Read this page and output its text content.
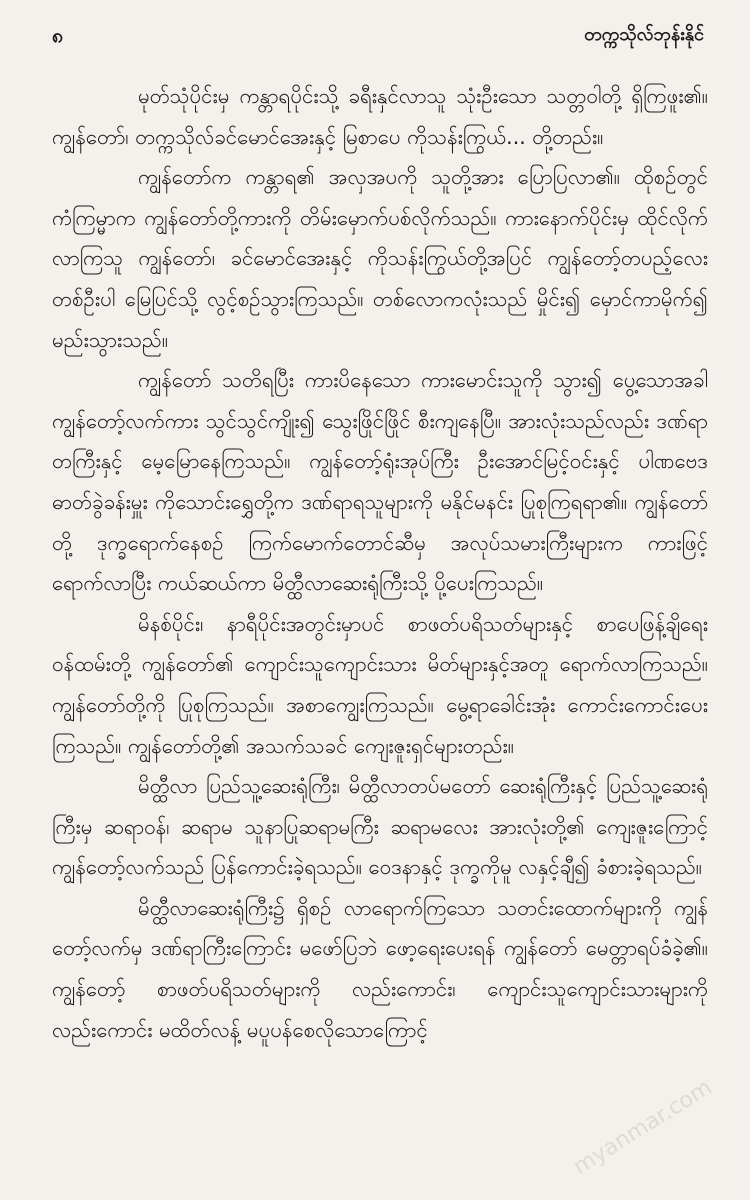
၈	တက္ကသိုလ်ဘုန်းနိုင်

မုတ်သုံပိုင်းမှ ကန္တာရပိုင်းသို့ ခရီးနှင်လာသူ သုံးဦးသော သတ္တဝါတို့ ရှိကြဖူး၏။ ကျွန်တော်၊ တက္ကသိုလ်ခင်မောင်အေးနှင့် မြစာပေ ကိုသန်းကြွယ်... တို့တည်း။

ကျွန်တော်က ကန္တာရ၏ အလှအပကို သူတို့အား ပြောပြလာ၏။ ထိုစဉ်တွင် ကံကြမ္မာက ကျွန်တော်တို့ကားကို တိမ်းမှောက်ပစ်လိုက်သည်။ ကားနောက်ပိုင်းမှ ထိုင်လိုက်လာကြသူ ကျွန်တော်၊ ခင်မောင်အေးနှင့် ကိုသန်းကြွယ်တို့အပြင် ကျွန်တော့်တပည့်လေး တစ်ဦးပါ မြေပြင်သို့ လွင့်စဉ်သွားကြသည်။ တစ်လောကလုံးသည် မှိုင်း၍ မှောင်ကာမိုက်၍ မည်းသွားသည်။

ကျွန်တော် သတိရပြီး ကားပိနေသော ကားမောင်းသူကို သွား၍ ပွေ့သောအခါ ကျွန်တော့်လက်ကား သွင်သွင်ကျိုး၍ သွေးဖြိုင်ဖြိုင် စီးကျနေပြီ။ အားလုံးသည်လည်း ဒဏ်ရာတကြီးနှင့် မေ့မြောနေကြသည်။ ကျွန်တော့်ရုံးအုပ်ကြီး ဦးအောင်မြင့်ဝင်းနှင့် ပါဏဗေဒ ဓာတ်ခွဲခန်းမှူး ကိုသောင်းရွှေတို့က ဒဏ်ရာရသူများကို မနိုင်မနင်း ပြုစုကြရရာ၏။ ကျွန်တော်တို့ ဒုက္ခရောက်နေစဉ် ကြက်မောက်တောင်ဆီမှ အလုပ်သမားကြီးများက ကားဖြင့် ရောက်လာပြီး ကယ်ဆယ်ကာ မိတ္ထီလာဆေးရုံကြီးသို့ ပို့ပေးကြသည်။

မိနစ်ပိုင်း၊ နာရီပိုင်းအတွင်းမှာပင် စာဖတ်ပရိသတ်များနှင့် စာပေဖြန့်ချိရေး ဝန်ထမ်းတို့ ကျွန်တော်၏ ကျောင်းသူကျောင်းသား မိတ်များနှင့်အတူ ရောက်လာကြသည်။ ကျွန်တော်တို့ကို ပြုစုကြသည်။ အစာကျွေးကြသည်။ မွေ့ရာခေါင်းအုံး ကောင်းကောင်းပေးကြသည်။ ကျွန်တော်တို့၏ အသက်သခင် ကျေးဇူးရှင်များတည်း။

မိတ္ထီလာ ပြည်သူ့ဆေးရုံကြီး၊ မိတ္ထီလာတပ်မတော် ဆေးရုံကြီးနှင့် ပြည်သူ့ဆေးရုံကြီးမှ ဆရာဝန်၊ ဆရာမ သူနာပြုဆရာမကြီး ဆရာမလေး အားလုံးတို့၏ ကျေးဇူးကြောင့် ကျွန်တော့်လက်သည် ပြန်ကောင်းခဲ့ရသည်။ ဝေဒနာနှင့် ဒုက္ခကိုမူ လနှင့်ချီ၍ ခံစားခဲ့ရသည်။

မိတ္ထီလာဆေးရုံကြီး၌ ရှိစဉ် လာရောက်ကြသော သတင်းထောက်များကို ကျွန်တော့်လက်မှ ဒဏ်ရာကြီးကြောင်း မဖော်ပြဘဲ ဖော့ရေးပေးရန် ကျွန်တော် မေတ္တာရပ်ခံခဲ့၏။ ကျွန်တော့် စာဖတ်ပရိသတ်များကို လည်းကောင်း၊ ကျောင်းသူကျောင်းသားများကို လည်းကောင်း မထိတ်လန့် မပူပန်စေလိုသောကြောင့်

myanmar.com
